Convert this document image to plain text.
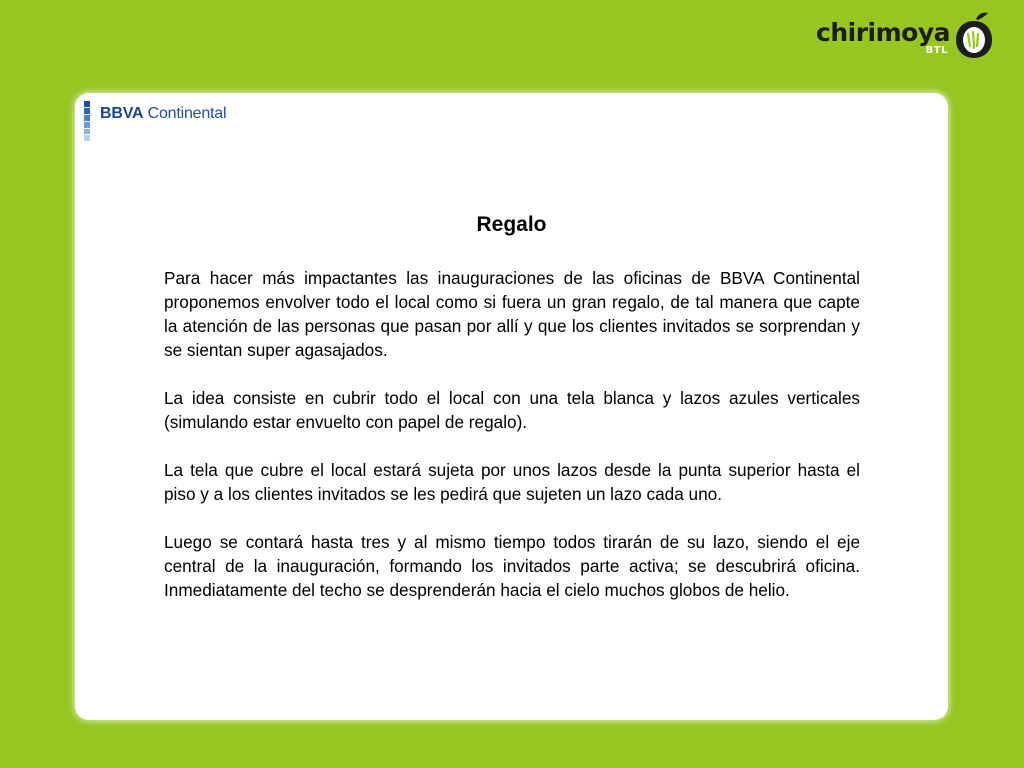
chirimoya
BTL
BBVA Continental
Regalo

Para hacer más impactantes las inauguraciones de las oficinas de BBVA Continental proponemos envolver todo el local como si fuera un gran regalo, de tal manera que capte la atención de las personas que pasan por allí y que los clientes invitados se sorprendan y se sientan super agasajados.

La idea consiste en cubrir todo el local con una tela blanca y lazos azules verticales (simulando estar envuelto con papel de regalo).

La tela que cubre el local estará sujeta por unos lazos desde la punta superior hasta el piso y a los clientes invitados se les pedirá que sujeten un lazo cada uno.

Luego se contará hasta tres y al mismo tiempo todos tirarán de su lazo, siendo el eje central de la inauguración, formando los invitados parte activa; se descubrirá oficina. Inmediatamente del techo se desprenderán hacia el cielo muchos globos de helio.
